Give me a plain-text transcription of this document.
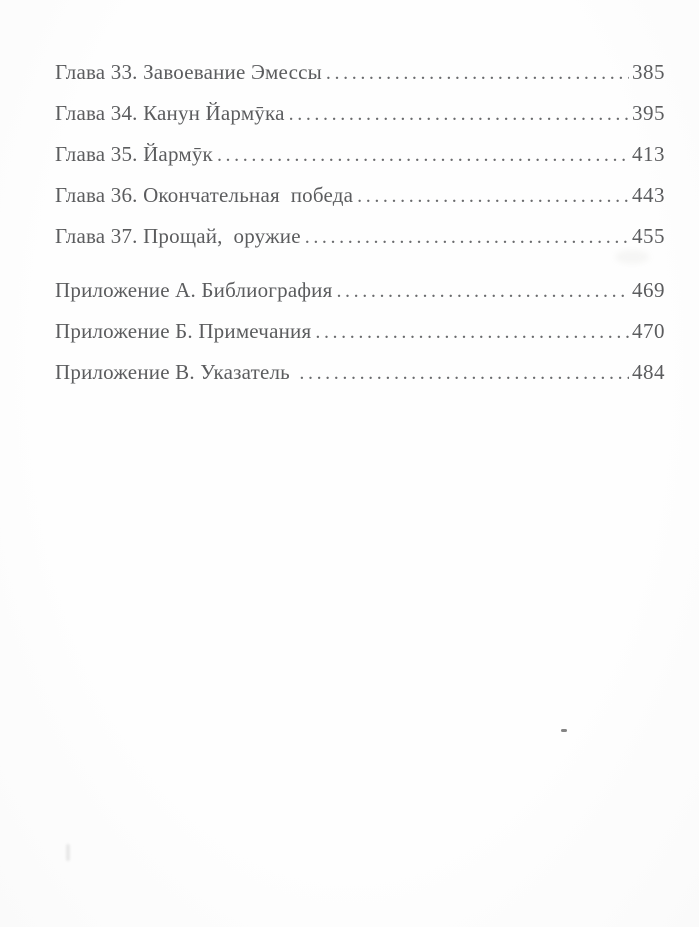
Глава 33. Завоевание Эмессы .....	385
Глава 34. Канун Йармӯка .....	395
Глава 35. Йармӯк .....	413
Глава 36. Окончательная  победа .....	443
Глава 37. Прощай,  оружие .....	455
Приложение А. Библиография .....	469
Приложение Б. Примечания .....	470
Приложение В. Указатель .....	484
